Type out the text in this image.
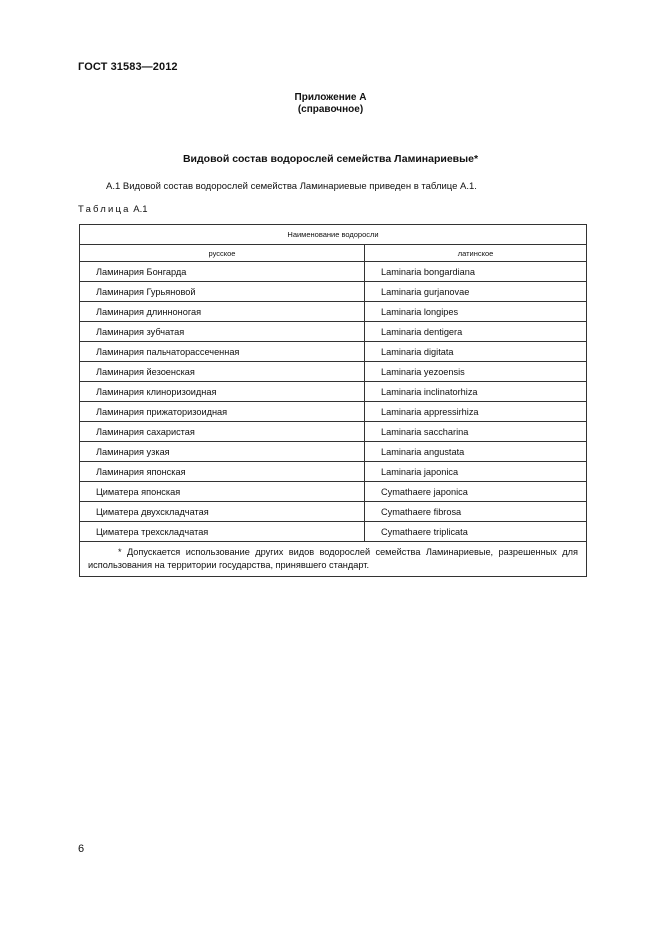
ГОСТ 31583—2012
Приложение А
(справочное)
Видовой состав водорослей семейства Ламинариевые*
А.1 Видовой состав водорослей семейства Ламинариевые приведен в таблице А.1.
Таблица А.1
Наименование водоросли	
русское	латинское
Ламинария Бонгарда	Laminaria bongardiana
Ламинария Гурьяновой	Laminaria gurjanovae
Ламинария длинноногая	Laminaria longipes
Ламинария зубчатая	Laminaria dentigera
Ламинария пальчаторассеченная	Laminaria digitata
Ламинария йезоенская	Laminaria yezoensis
Ламинария клиноризоидная	Laminaria inclinatorhiza
Ламинария прижаторизоидная	Laminaria appressirhiza
Ламинария сахаристая	Laminaria saccharina
Ламинария узкая	Laminaria angustata
Ламинария японская	Laminaria japonica
Циматера японская	Cymathaere japonica
Циматера двухскладчатая	Cymathaere fibrosa
Циматера трехскладчатая	Cymathaere triplicata
* Допускается использование других видов водорослей семейства Ламинариевые, разрешенных для использования на территории государства, принявшего стандарт.	
6
